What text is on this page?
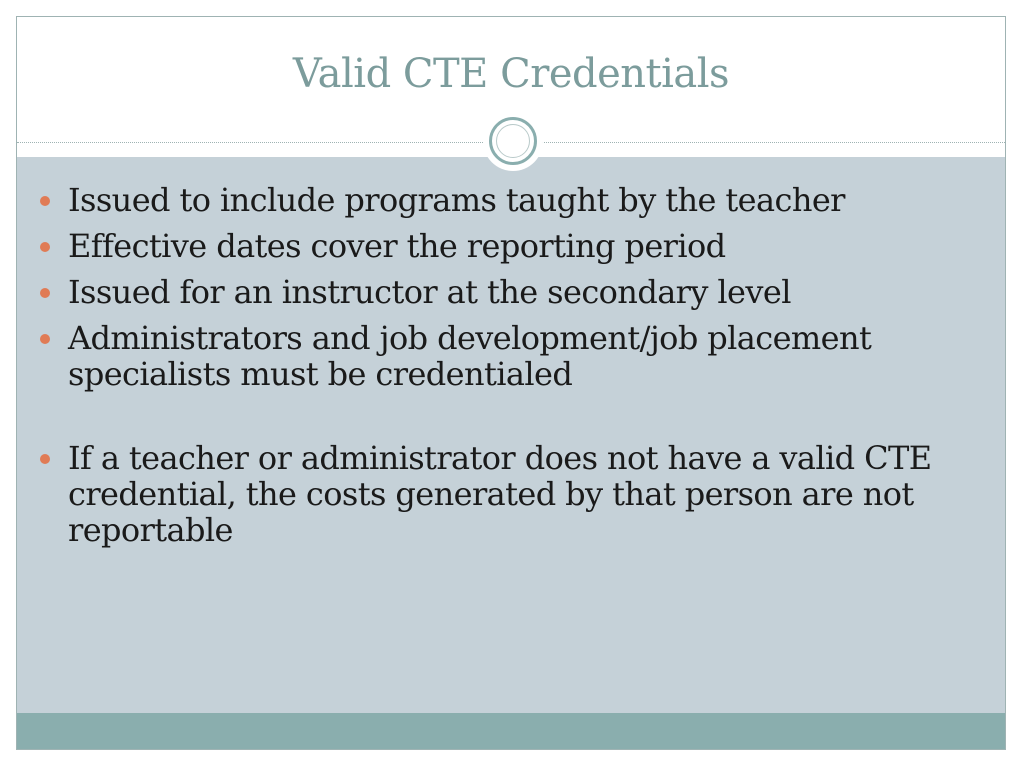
Valid CTE Credentials
Issued to include programs taught by the teacher
Effective dates cover the reporting period
Issued for an instructor at the secondary level
Administrators and job development/job placement specialists must be credentialed
If a teacher or administrator does not have a valid CTE credential, the costs generated by that person are not reportable
